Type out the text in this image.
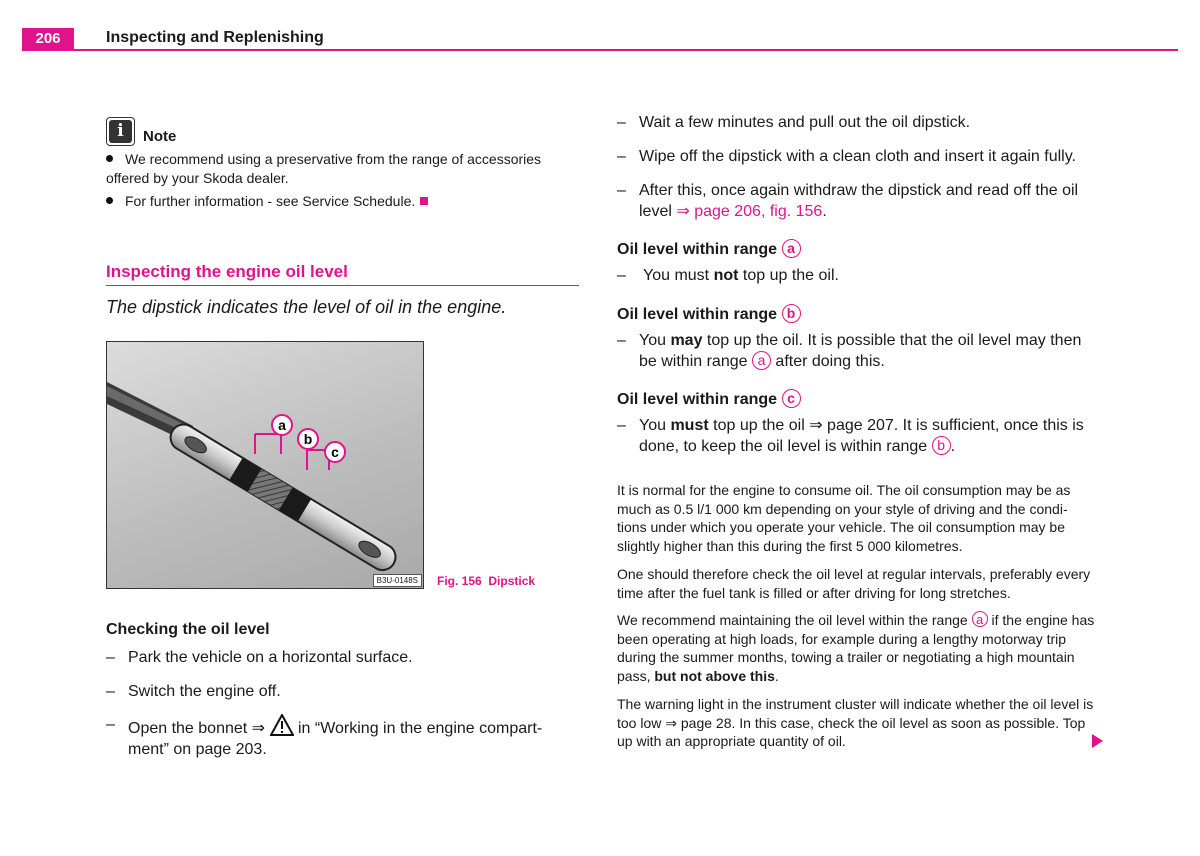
206	Inspecting and Replenishing
i	Note
We recommend using a preservative from the range of accessories offered by your Skoda dealer.
For further information - see Service Schedule.
Inspecting the engine oil level
The dipstick indicates the level of oil in the engine.
a
b
c
B3U-0148S	Fig. 156 Dipstick
Checking the oil level
– Park the vehicle on a horizontal surface.
– Switch the engine off.
– Open the bonnet ⇒ in “Working in the engine compart-ment” on page 203.
– Wait a few minutes and pull out the oil dipstick.
– Wipe off the dipstick with a clean cloth and insert it again fully.
– After this, once again withdraw the dipstick and read off the oil level ⇒ page 206, fig. 156.
Oil level within range a
– You must not top up the oil.
Oil level within range b
– You may top up the oil. It is possible that the oil level may then be within range a after doing this.
Oil level within range c
– You must top up the oil ⇒ page 207. It is sufficient, once this is done, to keep the oil level is within range b .
It is normal for the engine to consume oil. The oil consumption may be as much as 0.5 l/1 000 km depending on your style of driving and the condi-tions under which you operate your vehicle. The oil consumption may be slightly higher than this during the first 5 000 kilometres.
One should therefore check the oil level at regular intervals, preferably every time after the fuel tank is filled or after driving for long stretches.
We recommend maintaining the oil level within the range a if the engine has been operating at high loads, for example during a lengthy motorway trip during the summer months, towing a trailer or negotiating a high mountain pass, but not above this.
The warning light in the instrument cluster will indicate whether the oil level is too low ⇒ page 28. In this case, check the oil level as soon as possible. Top up with an appropriate quantity of oil.
